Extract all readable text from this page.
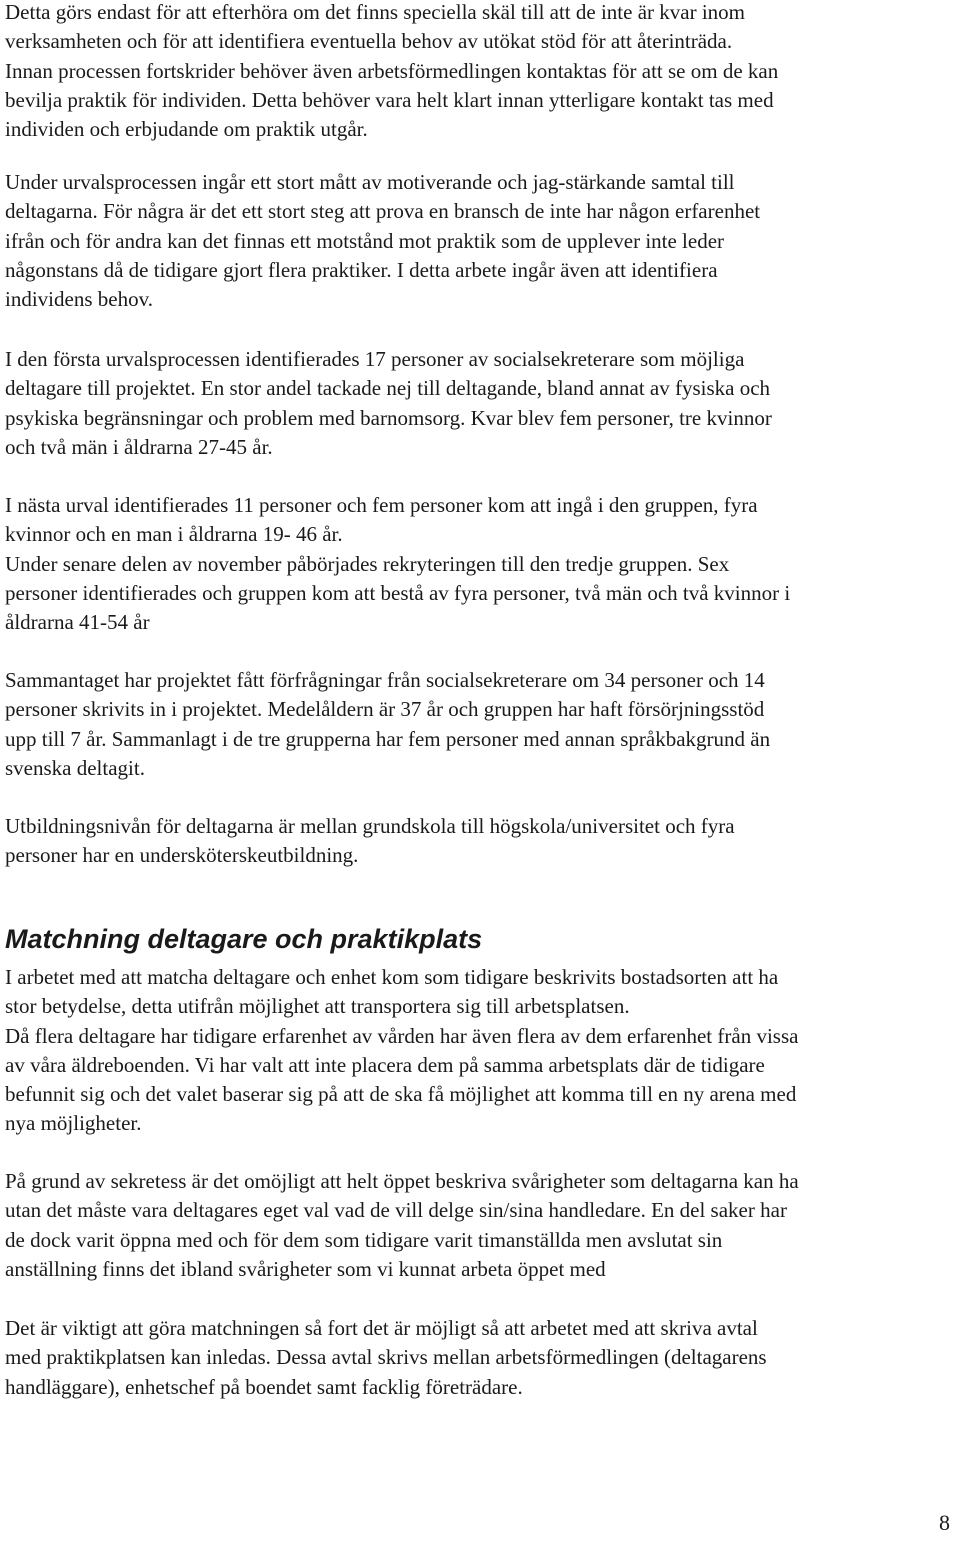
Detta görs endast för att efterhöra om det finns speciella skäl till att de inte är kvar inom
verksamheten och för att identifiera eventuella behov av utökat stöd för att återinträda.
Innan processen fortskrider behöver även arbetsförmedlingen kontaktas för att se om de kan
bevilja praktik för individen. Detta behöver vara helt klart innan ytterligare kontakt tas med
individen och erbjudande om praktik utgår.

Under urvalsprocessen ingår ett stort mått av motiverande och jag-stärkande samtal till
deltagarna. För några är det ett stort steg att prova en bransch de inte har någon erfarenhet
ifrån och för andra kan det finnas ett motstånd mot praktik som de upplever inte leder
någonstans då de tidigare gjort flera praktiker. I detta arbete ingår även att identifiera
individens behov.

I den första urvalsprocessen identifierades 17 personer av socialsekreterare som möjliga
deltagare till projektet. En stor andel tackade nej till deltagande, bland annat av fysiska och
psykiska begränsningar och problem med barnomsorg. Kvar blev fem personer, tre kvinnor
och två män i åldrarna 27-45 år.

I nästa urval identifierades 11 personer och fem personer kom att ingå i den gruppen, fyra
kvinnor och en man i åldrarna 19- 46 år.
Under senare delen av november påbörjades rekryteringen till den tredje gruppen. Sex
personer identifierades och gruppen kom att bestå av fyra personer, två män och två kvinnor i
åldrarna 41-54 år

Sammantaget har projektet fått förfrågningar från socialsekreterare om 34 personer och 14
personer skrivits in i projektet. Medelåldern är 37 år och gruppen har haft försörjningsstöd
upp till 7 år. Sammanlagt i de tre grupperna har fem personer med annan språkbakgrund än
svenska deltagit.

Utbildningsnivån för deltagarna är mellan grundskola till högskola/universitet och fyra
personer har en undersköterskeutbildning.

Matchning deltagare och praktikplats

I arbetet med att matcha deltagare och enhet kom som tidigare beskrivits bostadsorten att ha
stor betydelse, detta utifrån möjlighet att transportera sig till arbetsplatsen.
Då flera deltagare har tidigare erfarenhet av vården har även flera av dem erfarenhet från vissa
av våra äldreboenden. Vi har valt att inte placera dem på samma arbetsplats där de tidigare
befunnit sig och det valet baserar sig på att de ska få möjlighet att komma till en ny arena med
nya möjligheter.

På grund av sekretess är det omöjligt att helt öppet beskriva svårigheter som deltagarna kan ha
utan det måste vara deltagares eget val vad de vill delge sin/sina handledare. En del saker har
de dock varit öppna med och för dem som tidigare varit timanställda men avslutat sin
anställning finns det ibland svårigheter som vi kunnat arbeta öppet med

Det är viktigt att göra matchningen så fort det är möjligt så att arbetet med att skriva avtal
med praktikplatsen kan inledas. Dessa avtal skrivs mellan arbetsförmedlingen (deltagarens
handläggare), enhetschef på boendet samt facklig företrädare.

8
